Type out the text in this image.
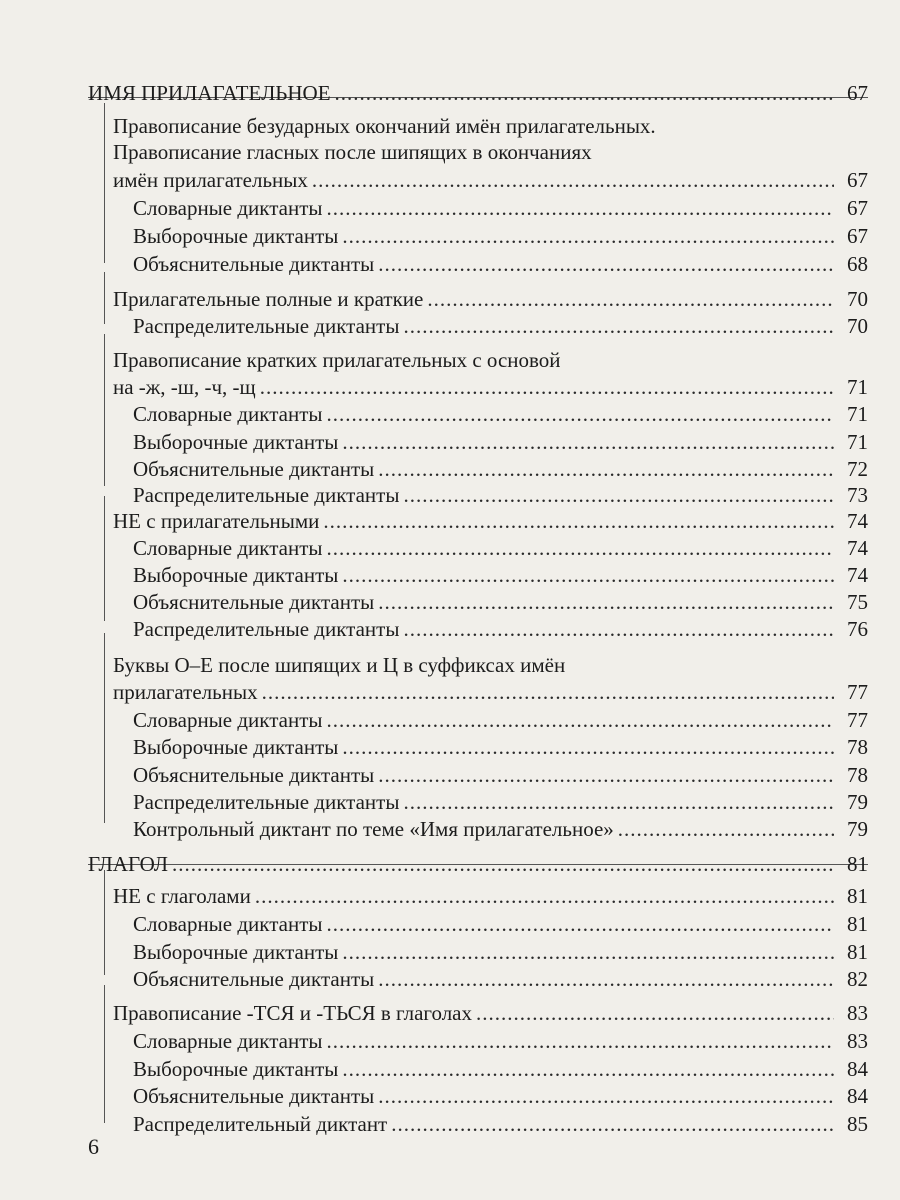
ИМЯ ПРИЛАГАТЕЛЬНОЕ .....	67
Правописание безударных окончаний имён прилагательных.
Правописание гласных после шипящих в окончаниях
имён прилагательных .....	67
Словарные диктанты .....	67
Выборочные диктанты .....	67
Объяснительные диктанты .....	68
Прилагательные полные и краткие .....	70
Распределительные диктанты .....	70
Правописание кратких прилагательных с основой
на -ж, -ш, -ч, -щ .....	71
Словарные диктанты .....	71
Выборочные диктанты .....	71
Объяснительные диктанты .....	72
Распределительные диктанты .....	73
НЕ с прилагательными .....	74
Словарные диктанты .....	74
Выборочные диктанты .....	74
Объяснительные диктанты .....	75
Распределительные диктанты .....	76
Буквы О–Е после шипящих и Ц в суффиксах имён
прилагательных .....	77
Словарные диктанты .....	77
Выборочные диктанты .....	78
Объяснительные диктанты .....	78
Распределительные диктанты .....	79
Контрольный диктант по теме «Имя прилагательное» .....	79
ГЛАГОЛ .....	81
НЕ с глаголами .....	81
Словарные диктанты .....	81
Выборочные диктанты .....	81
Объяснительные диктанты .....	82
Правописание -ТСЯ и -ТЬСЯ в глаголах .....	83
Словарные диктанты .....	83
Выборочные диктанты .....	84
Объяснительные диктанты .....	84
Распределительный диктант .....	85
6
